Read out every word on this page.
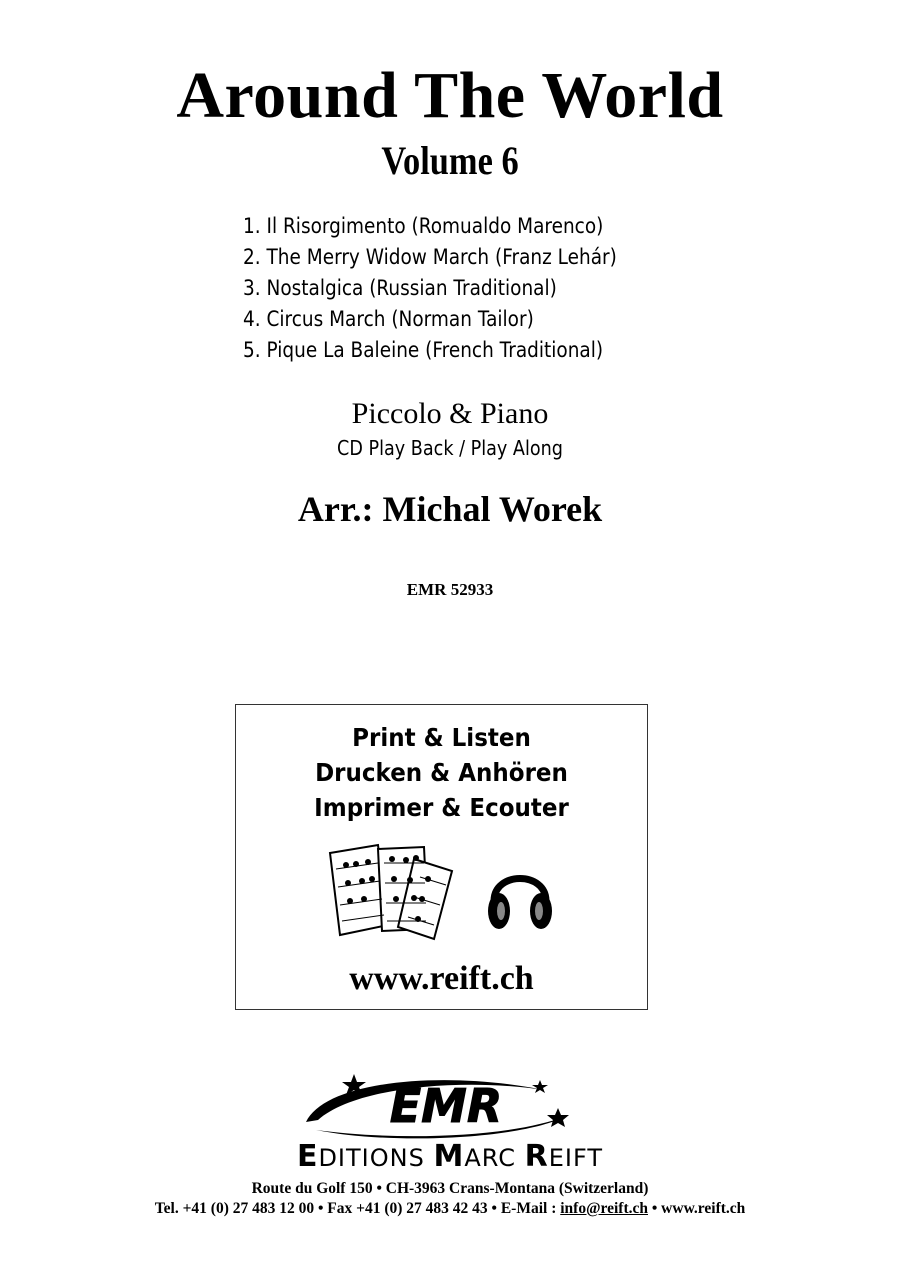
Around The World
Volume 6
1. Il Risorgimento (Romualdo Marenco)
2. The Merry Widow March (Franz Lehár)
3. Nostalgica (Russian Traditional)
4. Circus March (Norman Tailor)
5. Pique La Baleine (French Traditional)
Piccolo & Piano
CD Play Back / Play Along
Arr.: Michal Worek
EMR 52933
Print & Listen
Drucken & Anhören
Imprimer & Ecouter
www.reift.ch
EMR
EDITIONS MARC REIFT
Route du Golf 150 • CH-3963 Crans-Montana (Switzerland)
Tel. +41 (0) 27 483 12 00 • Fax +41 (0) 27 483 42 43 • E-Mail : info@reift.ch • www.reift.ch
